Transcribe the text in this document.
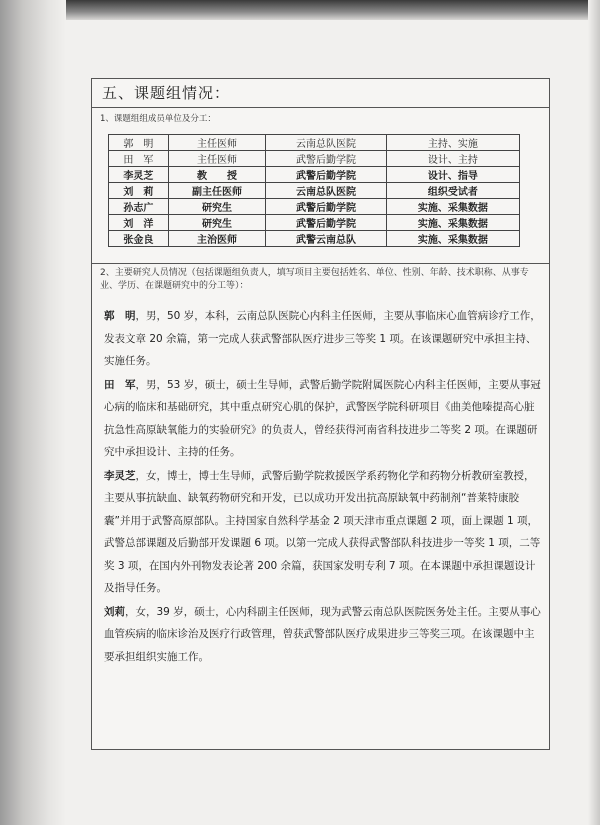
五、课题组情况：
1、课题组组成员单位及分工：
郭　明	主任医师	云南总队医院	主持、实施
田　军	主任医师	武警后勤学院	设计、主持
李灵芝	教　　授	武警后勤学院	设计、指导
刘　莉	副主任医师	云南总队医院	组织受试者
孙志广	研究生	武警后勤学院	实施、采集数据
刘　洋	研究生	武警后勤学院	实施、采集数据
张金良	主治医师	武警云南总队	实施、采集数据
2、主要研究人员情况（包括课题组负责人，填写项目主要包括姓名、单位、性别、年龄、技术职称、从事专业、学历、在课题研究中的分工等）：

郭　明，男，50 岁，本科，云南总队医院心内科主任医师，主要从事临床心血管病诊疗工作，发表文章 20 余篇，第一完成人获武警部队医疗进步三等奖 1 项。在该课题研究中承担主持、实施任务。

田　军，男，53 岁，硕士，硕士生导师，武警后勤学院附属医院心内科主任医师，主要从事冠心病的临床和基础研究，其中重点研究心肌的保护，武警医学院科研项目《曲美他嗪提高心脏抗急性高原缺氧能力的实验研究》的负责人，曾经获得河南省科技进步二等奖 2 项。在课题研究中承担设计、主持的任务。

李灵芝，女，博士，博士生导师，武警后勤学院救援医学系药物化学和药物分析教研室教授，主要从事抗缺血、缺氧药物研究和开发，已以成功开发出抗高原缺氧中药制剂“普莱特康胶囊”并用于武警高原部队。主持国家自然科学基金 2 项天津市重点课题 2 项，面上课题 1 项，武警总部课题及后勤部开发课题 6 项。以第一完成人获得武警部队科技进步一等奖 1 项，二等奖 3 项，在国内外刊物发表论著 200 余篇，获国家发明专利 7 项。在本课题中承担课题设计及指导任务。

刘莉，女，39 岁，硕士，心内科副主任医师，现为武警云南总队医院医务处主任。主要从事心血管疾病的临床诊治及医疗行政管理，曾获武警部队医疗成果进步三等奖三项。在该课题中主要承担组织实施工作。
